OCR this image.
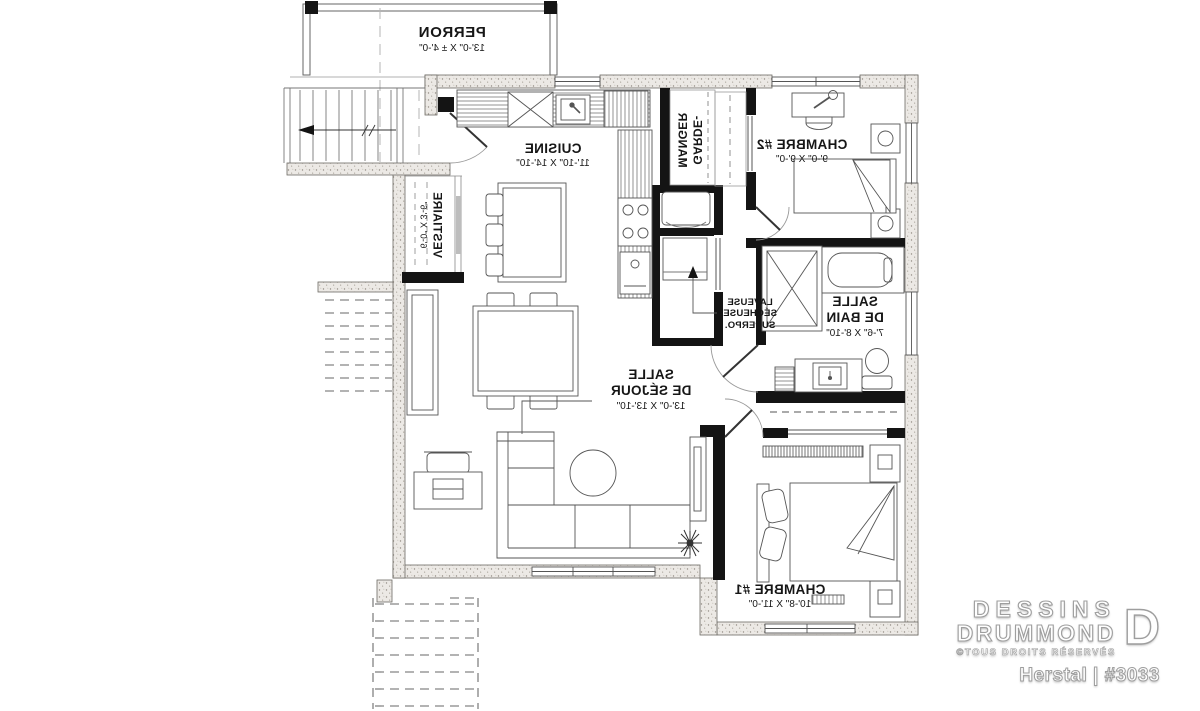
PERRON
13'-0" X ± 4'-0"
CUISINE
11'-10" X 14'-10"
VESTIAIRE
6'-0" X 3'-6"
GARDE-
MANGER	CHAMBRE #2
9'-0" X 9'-0"
LAVEUSE
SÉCHEUSE
SUPERPO.
SALLE
DE BAIN
7'-6" X 8'-10"
SALLE
DE SÉJOUR
13'-0" X 13'-10"
CHAMBRE #1
10'-8" X 11'-0"	DESSINS
DRUMMOND
©TOUS DROITS RÉSERVÉS D
Herstal | #3033
